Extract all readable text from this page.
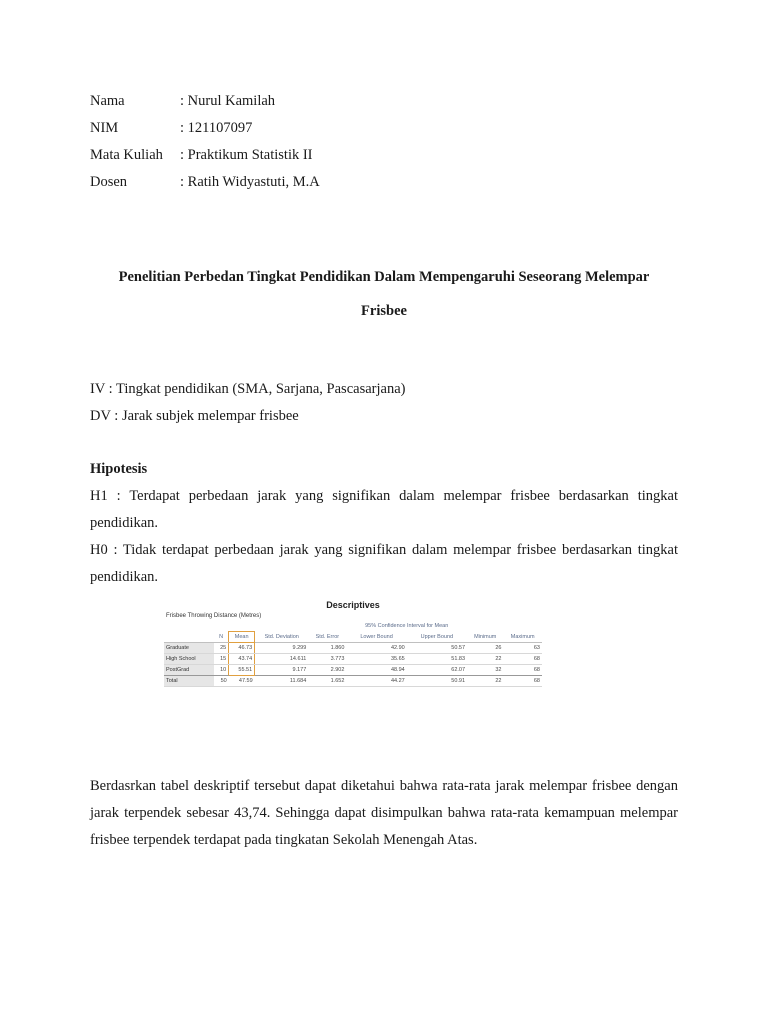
Nama	: Nurul Kamilah
NIM	: 121107097
Mata Kuliah	: Praktikum Statistik II
Dosen	: Ratih Widyastuti, M.A
Penelitian Perbedan Tingkat Pendidikan Dalam Mempengaruhi Seseorang Melempar
Frisbee

IV : Tingkat pendidikan (SMA, Sarjana, Pascasarjana)

DV : Jarak subjek melempar frisbee

Hipotesis

H1 : Terdapat perbedaan jarak yang signifikan dalam melempar frisbee berdasarkan tingkat pendidikan.

H0 : Tidak terdapat perbedaan jarak yang signifikan dalam melempar frisbee berdasarkan tingkat pendidikan.

Descriptives
Frisbee Throwing Distance (Metres)
					95% Confidence Interval for Mean			
	N	Mean	Std. Deviation	Std. Error	Lower Bound	Upper Bound	Minimum	Maximum
Graduate	25	46.73	9.299	1.860	42.90	50.57	26	63
High School	15	43.74	14.611	3.773	35.65	51.83	22	68
PostGrad	10	55.51	9.177	2.902	48.94	62.07	32	68
Total	50	47.59	11.684	1.652	44.27	50.91	22	68

Berdasrkan tabel deskriptif tersebut dapat diketahui bahwa rata-rata jarak melempar frisbee dengan jarak terpendek sebesar 43,74. Sehingga dapat disimpulkan bahwa rata-rata kemampuan melempar frisbee terpendek terdapat pada tingkatan Sekolah Menengah Atas.
